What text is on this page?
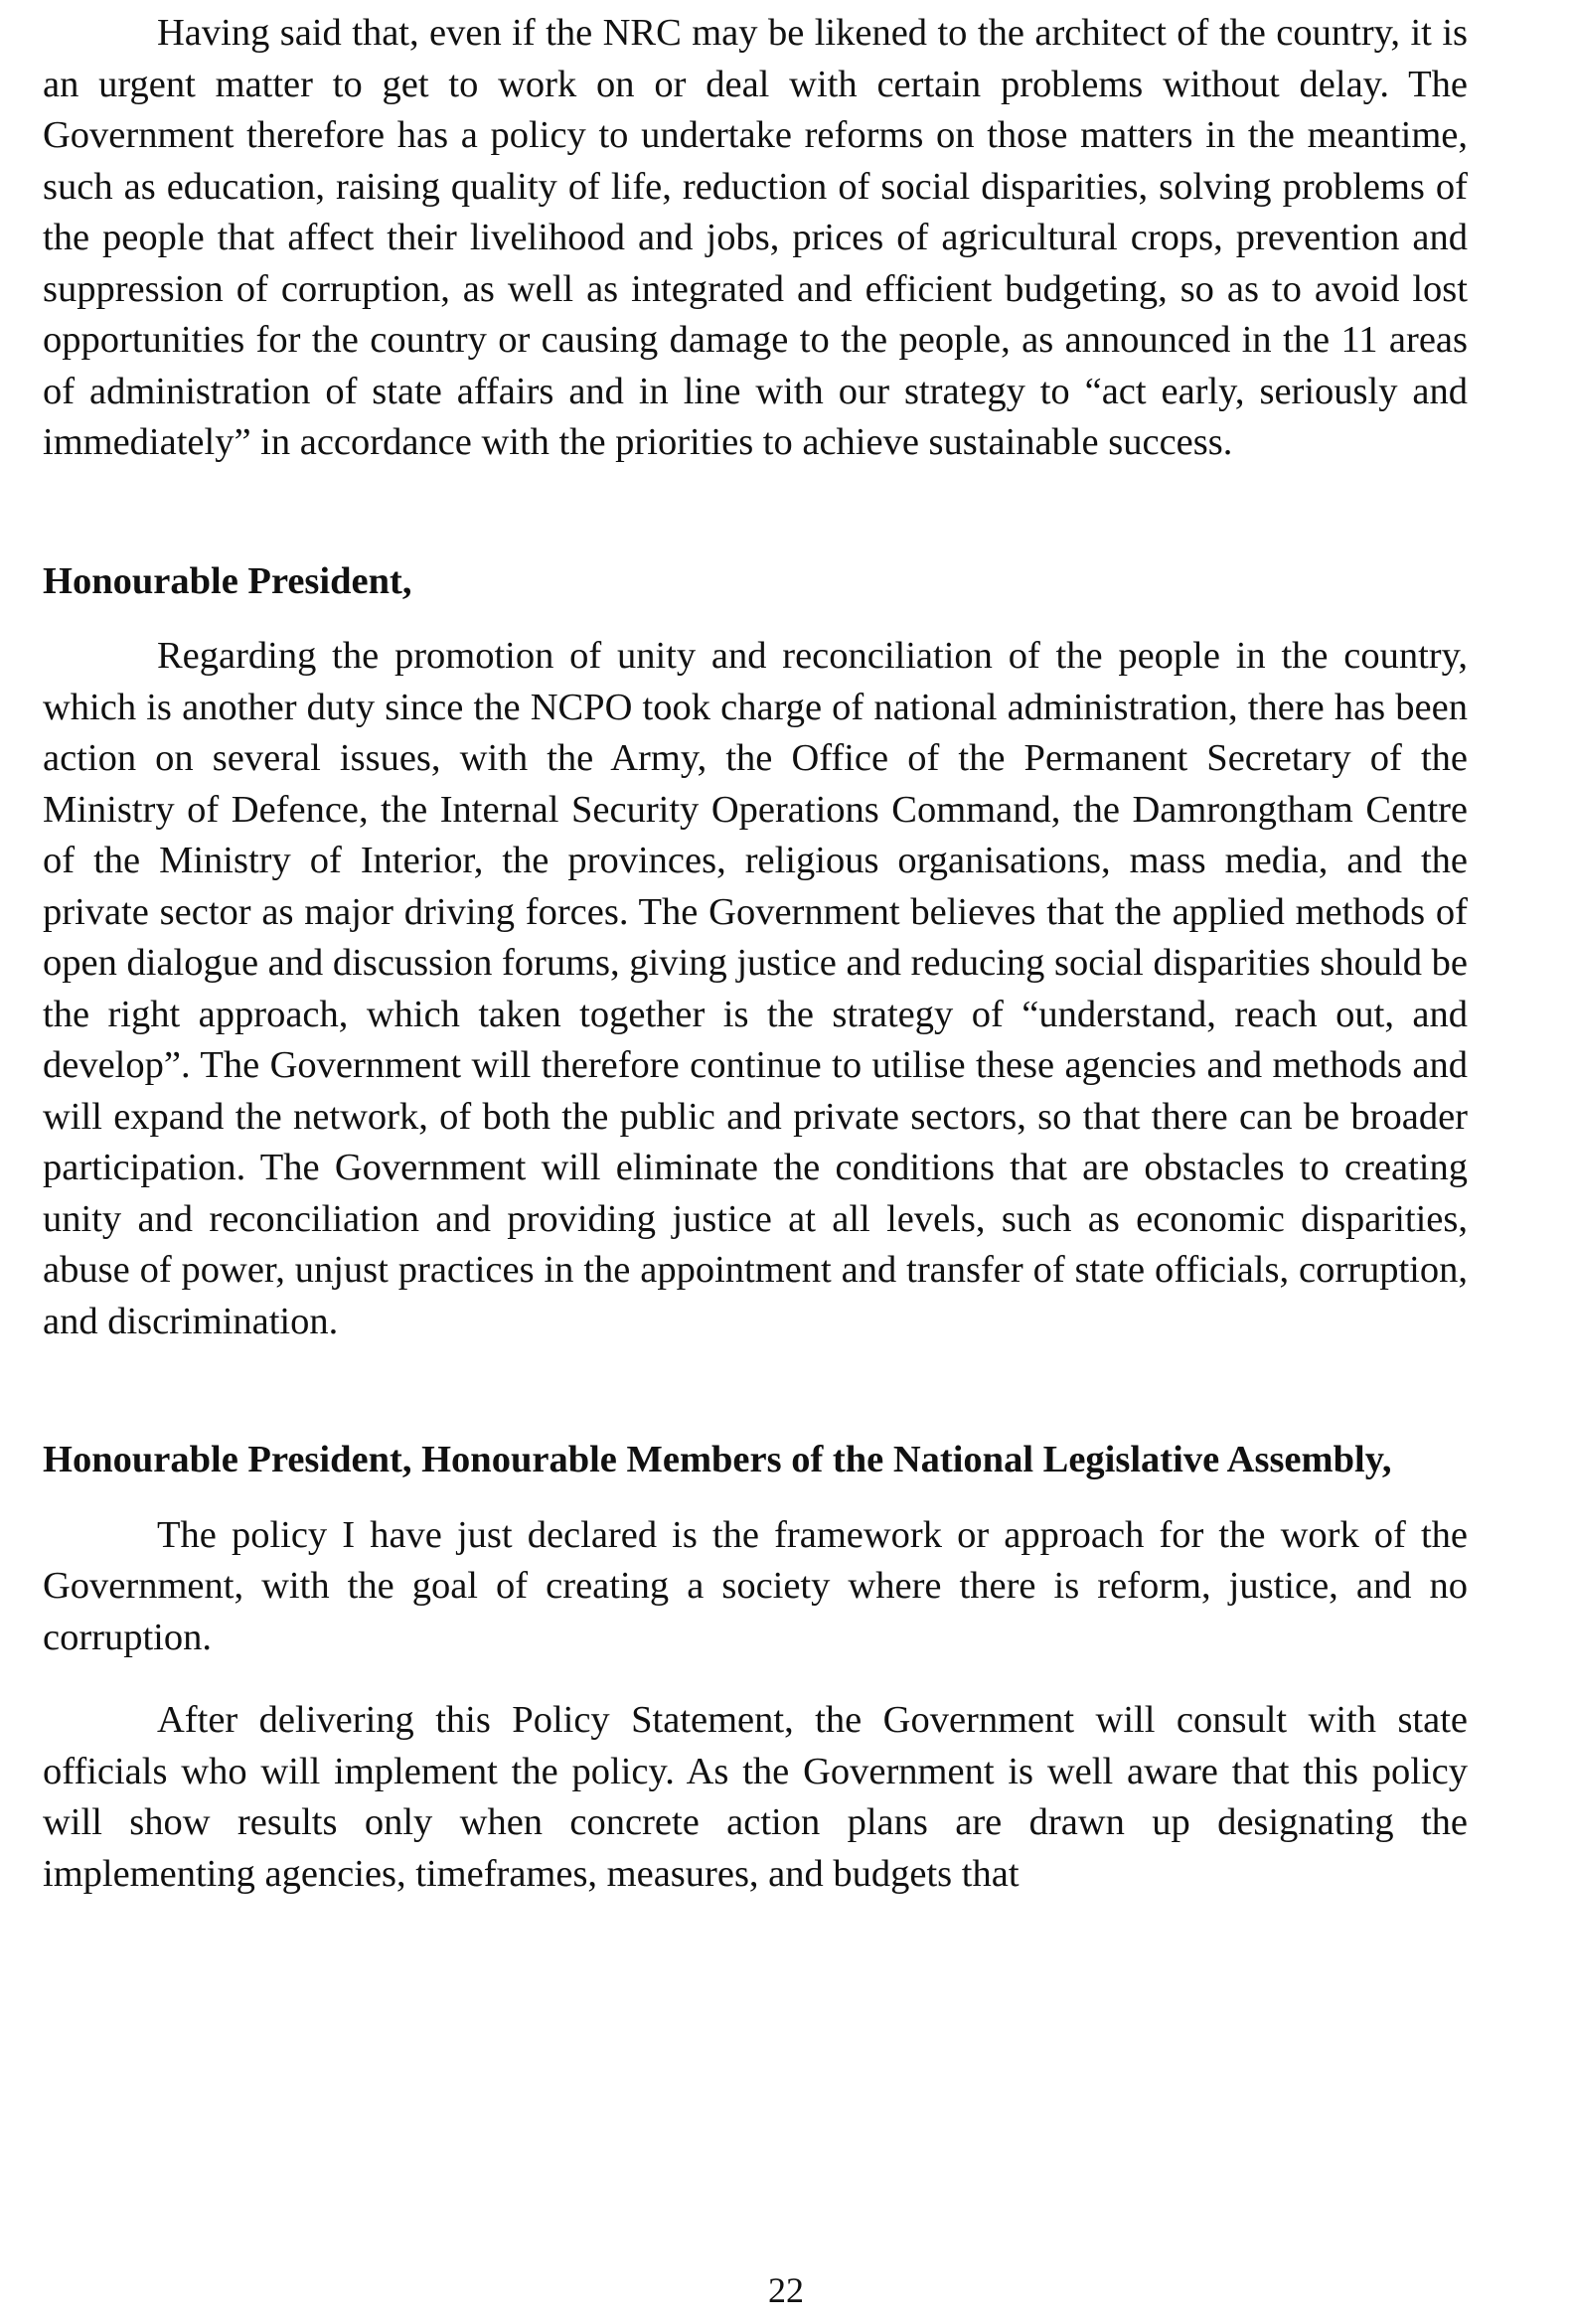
Having said that, even if the NRC may be likened to the architect of the country, it is an urgent matter to get to work on or deal with certain problems without delay. The Government therefore has a policy to undertake reforms on those matters in the meantime, such as education, raising quality of life, reduction of social disparities, solving problems of the people that affect their livelihood and jobs, prices of agricultural crops, prevention and suppression of corruption, as well as integrated and efficient budgeting, so as to avoid lost opportunities for the country or causing damage to the people, as announced in the 11 areas of administration of state affairs and in line with our strategy to “act early, seriously and immediately” in accordance with the priorities to achieve sustainable success.

Honourable President,

Regarding the promotion of unity and reconciliation of the people in the country, which is another duty since the NCPO took charge of national administration, there has been action on several issues, with the Army, the Office of the Permanent Secretary of the Ministry of Defence, the Internal Security Operations Command, the Damrongtham Centre of the Ministry of Interior, the provinces, religious organisations, mass media, and the private sector as major driving forces. The Government believes that the applied methods of open dialogue and discussion forums, giving justice and reducing social disparities should be the right approach, which taken together is the strategy of “understand, reach out, and develop”. The Government will therefore continue to utilise these agencies and methods and will expand the network, of both the public and private sectors, so that there can be broader participation. The Government will eliminate the conditions that are obstacles to creating unity and reconciliation and providing justice at all levels, such as economic disparities, abuse of power, unjust practices in the appointment and transfer of state officials, corruption, and discrimination.

Honourable President, Honourable Members of the National Legislative Assembly,

The policy I have just declared is the framework or approach for the work of the Government, with the goal of creating a society where there is reform, justice, and no corruption.

After delivering this Policy Statement, the Government will consult with state officials who will implement the policy. As the Government is well aware that this policy will show results only when concrete action plans are drawn up designating the implementing agencies, timeframes, measures, and budgets that

22
